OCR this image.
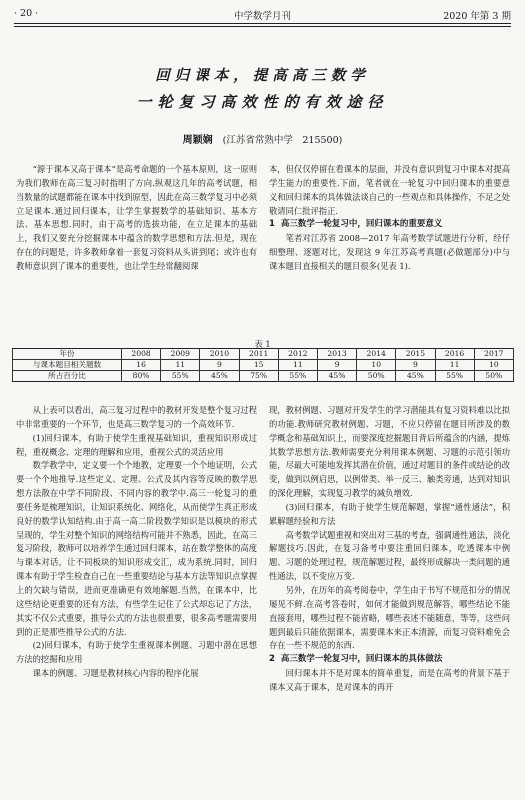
· 20 ·	中学数学月刊	2020 年第 3 期
回归课本，提高高三数学
一轮复习高效性的有效途径
周颖娴 (江苏省常熟中学　215500)

“源于课本又高于课本”是高考命题的一个基本原则，这一原则为我们教师在高三复习时指明了方向.纵观这几年的高考试题，相当数量的试题都能在课本中找到原型，因此在高三数学复习中必须立足课本.通过回归课本，让学生掌握数学的基础知识、基本方法、基本思想.同时，由于高考的选拔功能，在立足课本的基础上，我们又要充分挖掘课本中蕴含的数学思想和方法.但是，现在存在的问题是，许多教师拿着一套复习资料从头讲到尾；或许也有教师意识到了课本的重要性，也让学生经常翻阅课

本，但仅仅停留在看课本的层面，并没有意识到复习中课本对提高学生能力的重要性.下面，笔者就在一轮复习中回归课本的重要意义和回归课本的具体做法谈自己的一些观点和具体操作，不足之处敬请同仁批评指正.

1 高三数学一轮复习中，回归课本的重要意义

笔者对江苏省 2008—2017 年高考数学试题进行分析，经仔细整理、逐题对比，发现这 9 年江苏高考真题(必做题部分)中与课本题目直接相关的题目很多(见表 1).

表 1
年份	2008	2009	2010	2011	2012	2013	2014	2015	2016	2017
与课本题目相关题数	16	11	9	15	11	9	10	9	11	10
所占百分比	80%	55%	45%	75%	55%	45%	50%	45%	55%	50%

从上表可以看出，高三复习过程中的教材开发是整个复习过程中非常重要的一个环节，也是高三数学复习的一个高效环节.

(1)回归课本，有助于使学生重视基础知识，重视知识形成过程，重视概念、定理的理解和应用，重视公式的灵活应用

数学教学中，定义要一个个地教，定理要一个个地证明，公式要一个个地推导.这些定义、定理、公式及其内容等反映的数学思想方法散在中学不同阶段、不同内容的教学中.高三一轮复习的重要任务是梳理知识，让知识系统化、网络化，从而使学生真正形成良好的数学认知结构.由于高一高二阶段数学知识是以模块的形式呈现的，学生对整个知识的网络结构可能并不熟悉，因此，在高三复习阶段，教师可以培养学生通过回归课本，站在数学整体的高度与课本对话，让不同板块的知识形成交汇，成为系统.同时，回归课本有助于学生检查自己在一些重要结论与基本方法等知识点掌握上的欠缺与错误，进而更准确更有效地解题.当然，在课本中，比这些结论更重要的还有方法，有些学生记住了公式却忘记了方法，其实不仅公式重要，推导公式的方法也很重要，很多高考题需要用到的正是那些推导公式的方法.

(2)回归课本，有助于使学生重视课本例题、习题中潜在思想方法的挖掘和应用

课本的例题、习题是教材核心内容的程序化展

现，教材例题、习题对开发学生的学习潜能具有复习资料难以比拟的功能.教师研究教材例题、习题，不应只停留在题目所涉及的数学概念和基础知识上，而要深度挖掘题目背后所蕴含的内涵，提炼其数学思想方法.教师需要充分利用课本例题、习题的示范引领功能，尽最大可能地发挥其潜在价值，通过对题目的条件或结论的改变，做到以例启思，以例带类、举一反三、触类旁通，达到对知识的深化理解，实现复习教学的减负增效.

(3)回归课本，有助于使学生规范解题，掌握“通性通法”，积累解题经验和方法

高考数学试题重视和突出对三基的考查，强调通性通法，淡化解题技巧.因此，在复习备考中要注重回归课本，吃透课本中例题、习题的处理过程，规范解题过程，最终形成解决一类问题的通性通法，以不变应万变.

另外，在历年的高考阅卷中，学生由于书写不规范扣分的情况屡见不鲜.在高考答卷时，如何才能做到规范解答，哪些结论不能直接套用，哪些过程不能省略，哪些表述不能随意，等等，这些问题到最后只能依据课本，需要课本来正本清源，而复习资料难免会存在一些不规范的东西.

2 高三数学一轮复习中，回归课本的具体做法

回归课本并不是对课本的简单重复，而是在高考的背景下基于课本又高于课本，是对课本的再开
